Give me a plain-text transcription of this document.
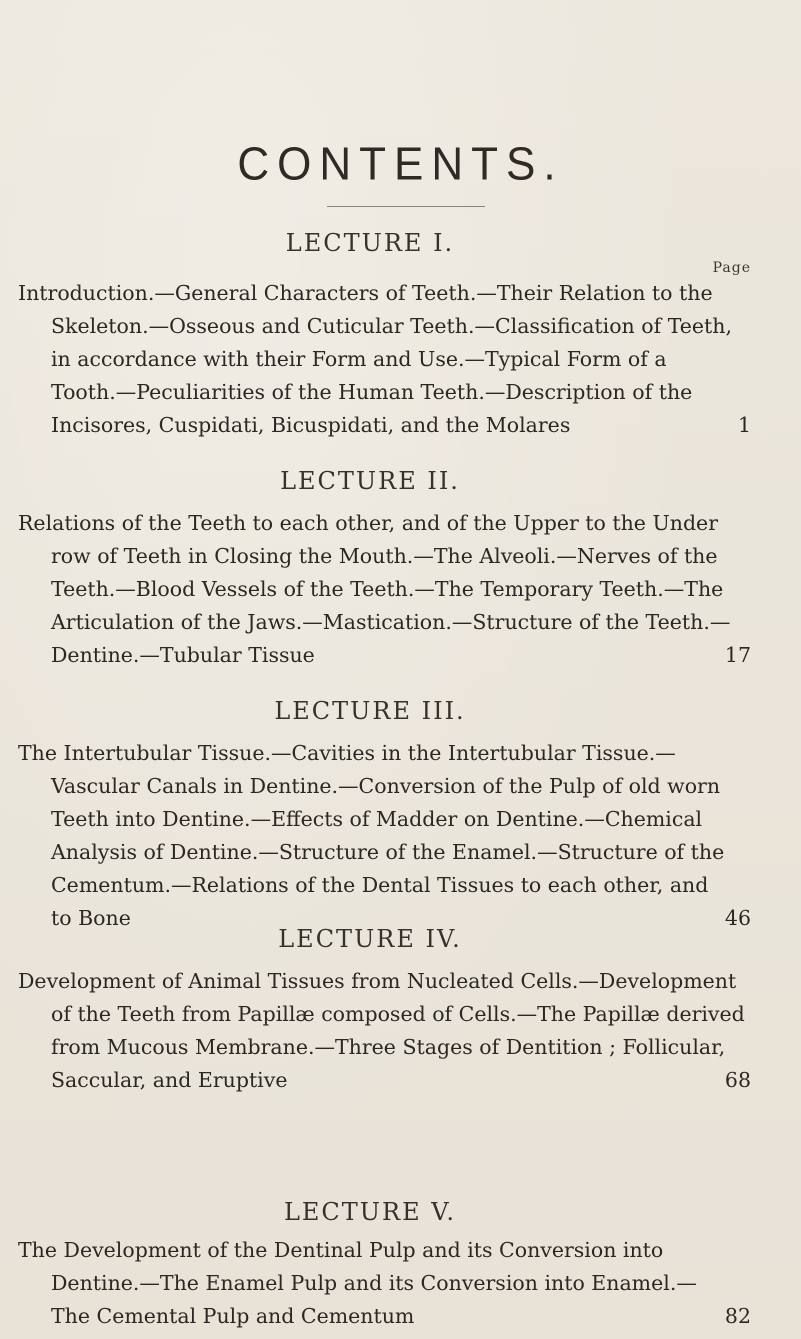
CONTENTS.
Page
LECTURE I.
Introduction.—General Characters of Teeth.—Their Relation to the
Skeleton.—Osseous and Cuticular Teeth.—Classification of Teeth,
in accordance with their Form and Use.—Typical Form of a
Tooth.—Peculiarities of the Human Teeth.—Description of the
Incisores, Cuspidati, Bicuspidati, and the Molares	1
LECTURE II.
Relations of the Teeth to each other, and of the Upper to the Under
row of Teeth in Closing the Mouth.—The Alveoli.—Nerves of the
Teeth.—Blood Vessels of the Teeth.—The Temporary Teeth.—The
Articulation of the Jaws.—Mastication.—Structure of the Teeth.—
Dentine.—Tubular Tissue	17
LECTURE III.
The Intertubular Tissue.—Cavities in the Intertubular Tissue.—
Vascular Canals in Dentine.—Conversion of the Pulp of old worn
Teeth into Dentine.—Effects of Madder on Dentine.—Chemical
Analysis of Dentine.—Structure of the Enamel.—Structure of the
Cementum.—Relations of the Dental Tissues to each other, and
to Bone	46
LECTURE IV.
Development of Animal Tissues from Nucleated Cells.—Development
of the Teeth from Papillæ composed of Cells.—The Papillæ derived
from Mucous Membrane.—Three Stages of Dentition ; Follicular,
Saccular, and Eruptive	68
LECTURE V.
The Development of the Dentinal Pulp and its Conversion into
Dentine.—The Enamel Pulp and its Conversion into Enamel.—
The Cemental Pulp and Cementum	82
